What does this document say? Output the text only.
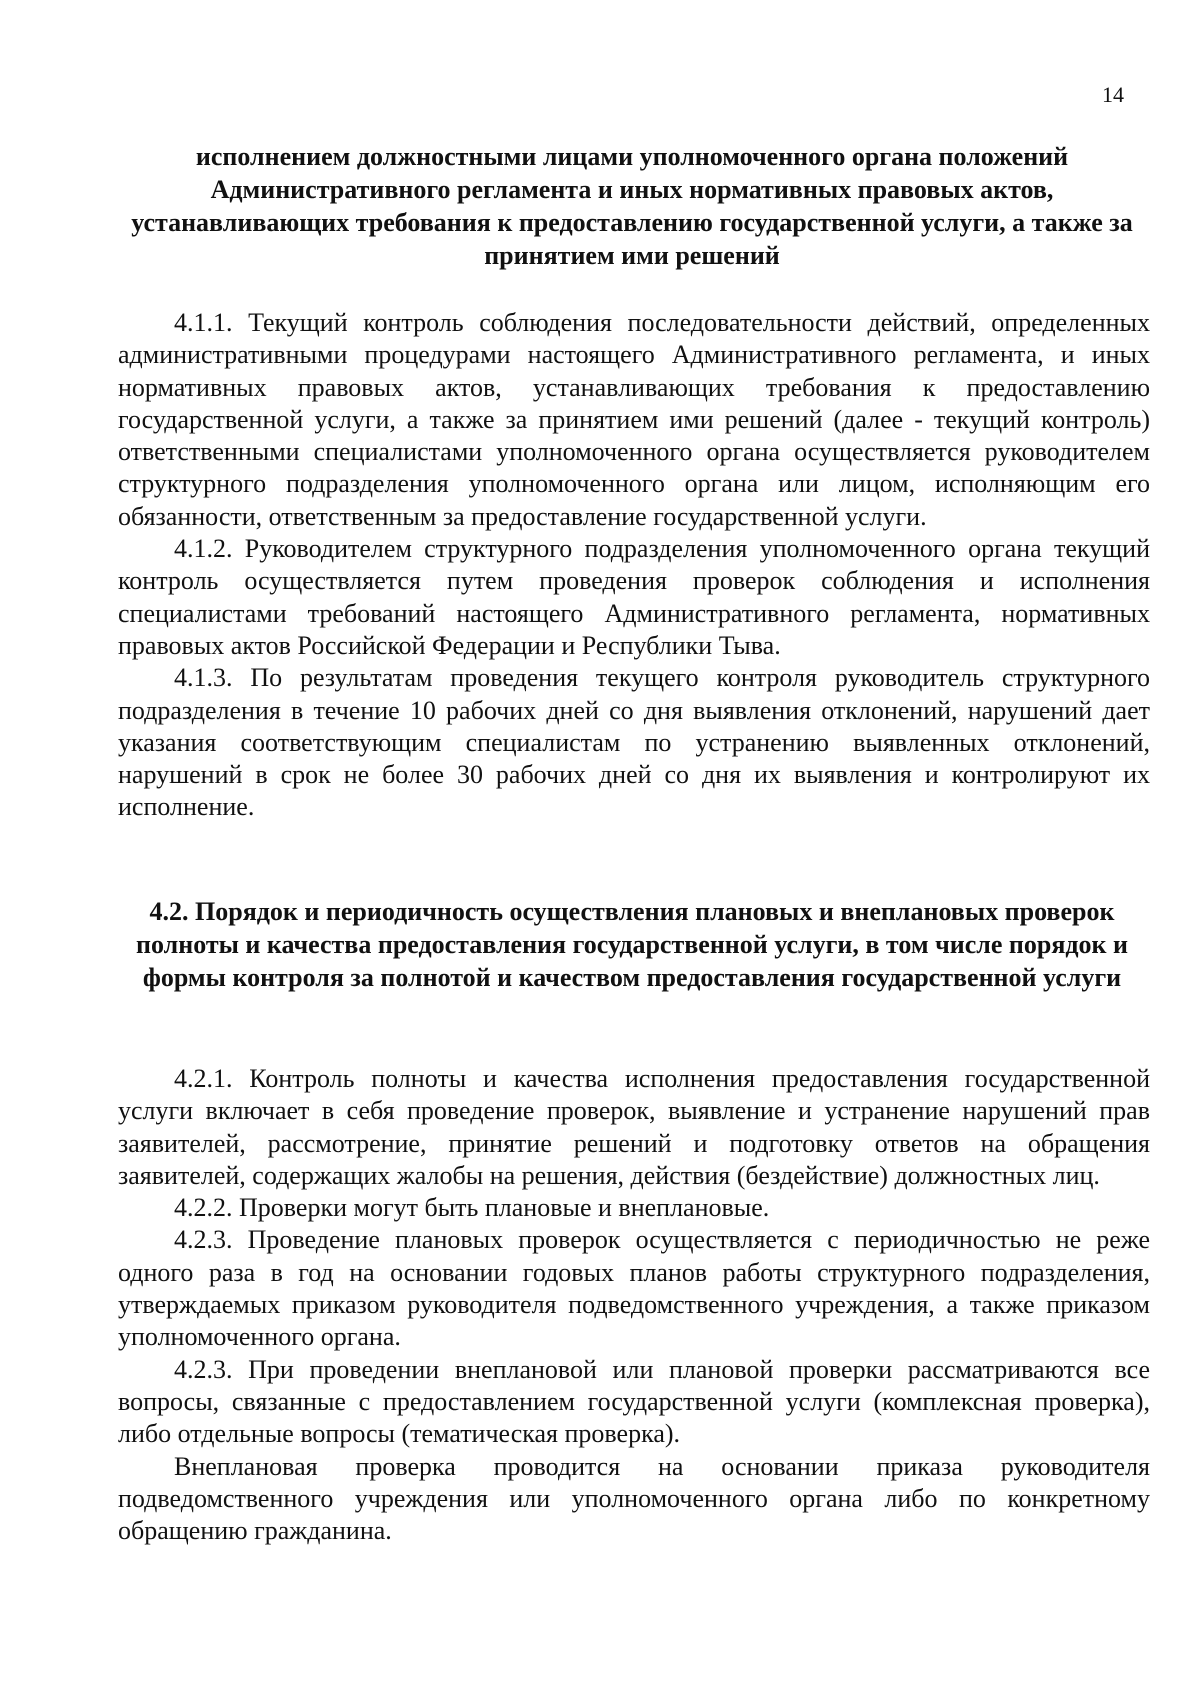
14
исполнением должностными лицами уполномоченного органа положений Административного регламента и иных нормативных правовых актов, устанавливающих требования к предоставлению государственной услуги, а также за принятием ими решений

4.1.1. Текущий контроль соблюдения последовательности действий, определенных административными процедурами настоящего Административного регламента, и иных нормативных правовых актов, устанавливающих требования к предоставлению государственной услуги, а также за принятием ими решений (далее - текущий контроль) ответственными специалистами уполномоченного органа осуществляется руководителем структурного подразделения уполномоченного органа или лицом, исполняющим его обязанности, ответственным за предоставление государственной услуги.

4.1.2. Руководителем структурного подразделения уполномоченного органа текущий контроль осуществляется путем проведения проверок соблюдения и исполнения специалистами требований настоящего Административного регламента, нормативных правовых актов Российской Федерации и Республики Тыва.

4.1.3. По результатам проведения текущего контроля руководитель структурного подразделения в течение 10 рабочих дней со дня выявления отклонений, нарушений дает указания соответствующим специалистам по устранению выявленных отклонений, нарушений в срок не более 30 рабочих дней со дня их выявления и контролируют их исполнение.

4.2. Порядок и периодичность осуществления плановых и внеплановых проверок полноты и качества предоставления государственной услуги, в том числе порядок и формы контроля за полнотой и качеством предоставления государственной услуги

4.2.1. Контроль полноты и качества исполнения предоставления государственной услуги включает в себя проведение проверок, выявление и устранение нарушений прав заявителей, рассмотрение, принятие решений и подготовку ответов на обращения заявителей, содержащих жалобы на решения, действия (бездействие) должностных лиц.

4.2.2. Проверки могут быть плановые и внеплановые.

4.2.3. Проведение плановых проверок осуществляется с периодичностью не реже одного раза в год на основании годовых планов работы структурного подразделения, утверждаемых приказом руководителя подведомственного учреждения, а также приказом уполномоченного органа.

4.2.3. При проведении внеплановой или плановой проверки рассматриваются все вопросы, связанные с предоставлением государственной услуги (комплексная проверка), либо отдельные вопросы (тематическая проверка).

Внеплановая проверка проводится на основании приказа руководителя подведомственного учреждения или уполномоченного органа либо по конкретному обращению гражданина.
